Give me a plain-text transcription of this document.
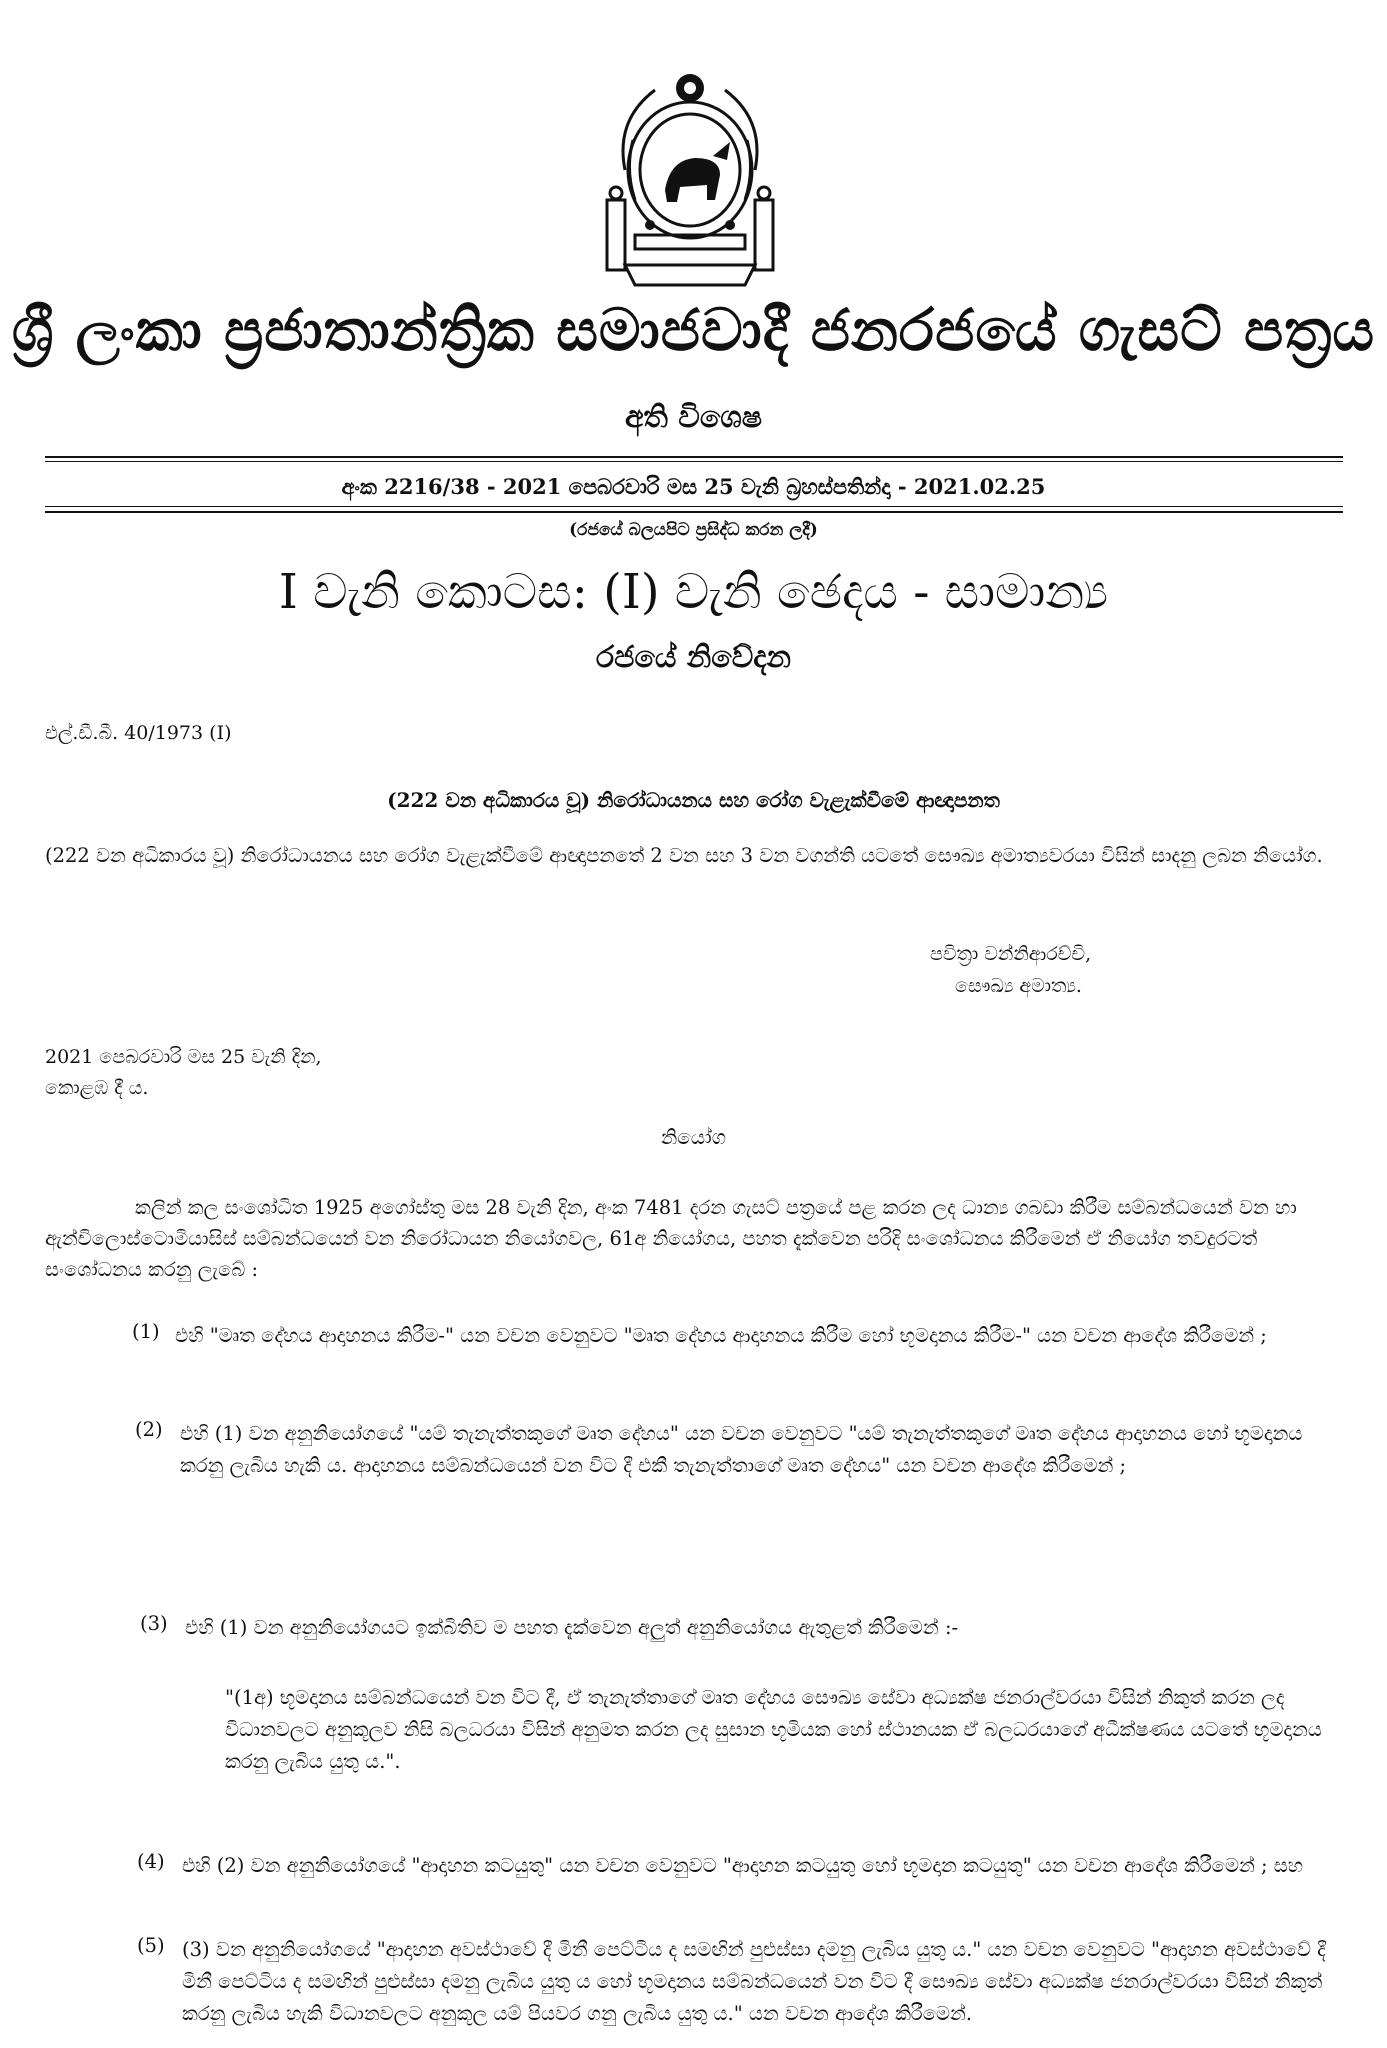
ශ්‍රී ලංකා ප්‍රජාතාන්ත්‍රික සමාජවාදී ජනරජයේ ගැසට් පත්‍රය
අති විශෙෂ
අංක 2216/38 - 2021 පෙබරවාරි මස 25 වැනි බ්‍රහස්පතින්දා - 2021.02.25
(රජයේ බලයපිට ප්‍රසිද්ධ කරන ලදී)
I වැනි කොටස: (I) වැනි ඡෙදය - සාමාන්‍ය
රජයේ නිවේදන
එල්.ඩී.බී. 40/1973 (I)
(222 වන අධිකාරය වූ) නිරෝධායනය සහ රෝග වැළැක්වීමේ ආඥාපනත
(222 වන අධිකාරය වූ) නිරෝධායනය සහ රෝග වැළැක්වීමේ ආඥාපනතේ 2 වන සහ 3 වන වගන්ති යටතේ සෞඛ්‍ය අමාත්‍යවරයා විසින් සාදනු ලබන නියෝග.
පවිත්‍රා වන්නිආරච්චි,
සෞඛ්‍ය අමාත්‍ය.
2021 පෙබරවාරි මස 25 වැනි දින,
කොළඹ දී ය.
නියෝග
කලින් කල සංශෝධිත 1925 අගෝස්තු මස 28 වැනි දින, අංක 7481 දරන ගැසට් පත්‍රයේ පළ කරන ලද ධාන්‍ය ගබඩා කිරීම සම්බන්ධයෙන් වන හා ඇන්චිලොස්ටොමියාසිස් සම්බන්ධයෙන් වන නිරෝධායන නියෝගවල, 61අ නියෝගය, පහත දැක්වෙන පරිදි සංශෝධනය කිරීමෙන් ඒ නියෝග තවදුරටත් සංශෝධනය කරනු ලැබේ ‍:
(1) එහි "මෘත දේහය ආදාහනය කිරීම-" යන වචන වෙනුවට "මෘත දේහය ආදාහනය කිරීම හෝ භූමදානය කිරීම-" යන වචන ආදේශ කිරීමෙන් ;
(2) එහි (1) වන අනුනියෝගයේ "යම් තැනැත්තකුගේ මෘත දේහය" යන වචන වෙනුවට "යම් තැනැත්තකුගේ මෘත දේහය ආදාහනය හෝ භූමදානය කරනු ලැබිය හැකි ය. ආදාහනය සම්බන්ධයෙන් වන විට දී එකී තැනැත්තාගේ මෘත දේහය" යන වචන ආදේශ කිරීමෙන් ;
(3) එහි (1) වන අනුනියෝගයට ඉක්බිතිව ම පහත දැක්වෙන අලුත් අනුනියෝගය ඇතුළත් කිරීමෙන් :-
"(1අ) භූමදානය සම්බන්ධයෙන් වන විට දී, ඒ තැනැත්තාගේ මෘත දේහය සෞඛ්‍ය සේවා අධ්‍යක්ෂ ජනරාල්වරයා විසින් නිකුත් කරන ලද විධානවලට අනුකූලව නිසි බලධරයා විසින් අනුමත කරන ලද සුසාන භූමියක හෝ ස්ථානයක ඒ බලධරයාගේ අධීක්ෂණය යටතේ භූමදානය කරනු ලැබිය යුතු ය.".
(4) එහි (2) වන අනුනියෝගයේ "ආදාහන කටයුතු" යන වචන වෙනුවට "ආදාහන කටයුතු හෝ භූමදාන කටයුතු" යන වචන ආදේශ කිරීමෙන් ; සහ
(5) (3) වන අනුනියෝගයේ "ආදාහන අවස්ථාවේ දී මිනී පෙට්ටිය ද සමඟින් පුළුස්සා දමනු ලැබිය යුතු ය." යන වචන වෙනුවට "ආදාහන අවස්ථාවේ දී මිනී පෙට්ටිය ද සමඟින් පුළුස්සා දමනු ලැබිය යුතු ය හෝ භූමදානය සම්බන්ධයෙන් වන විට දී සෞඛ්‍ය සේවා අධ්‍යක්ෂ ජනරාල්වරයා විසින් නිකුත් කරනු ලැබිය හැකි විධානවලට අනුකූල යම් පියවර ගනු ලැබිය යුතු ය." යන වචන ආදේශ කිරීමෙන්.
